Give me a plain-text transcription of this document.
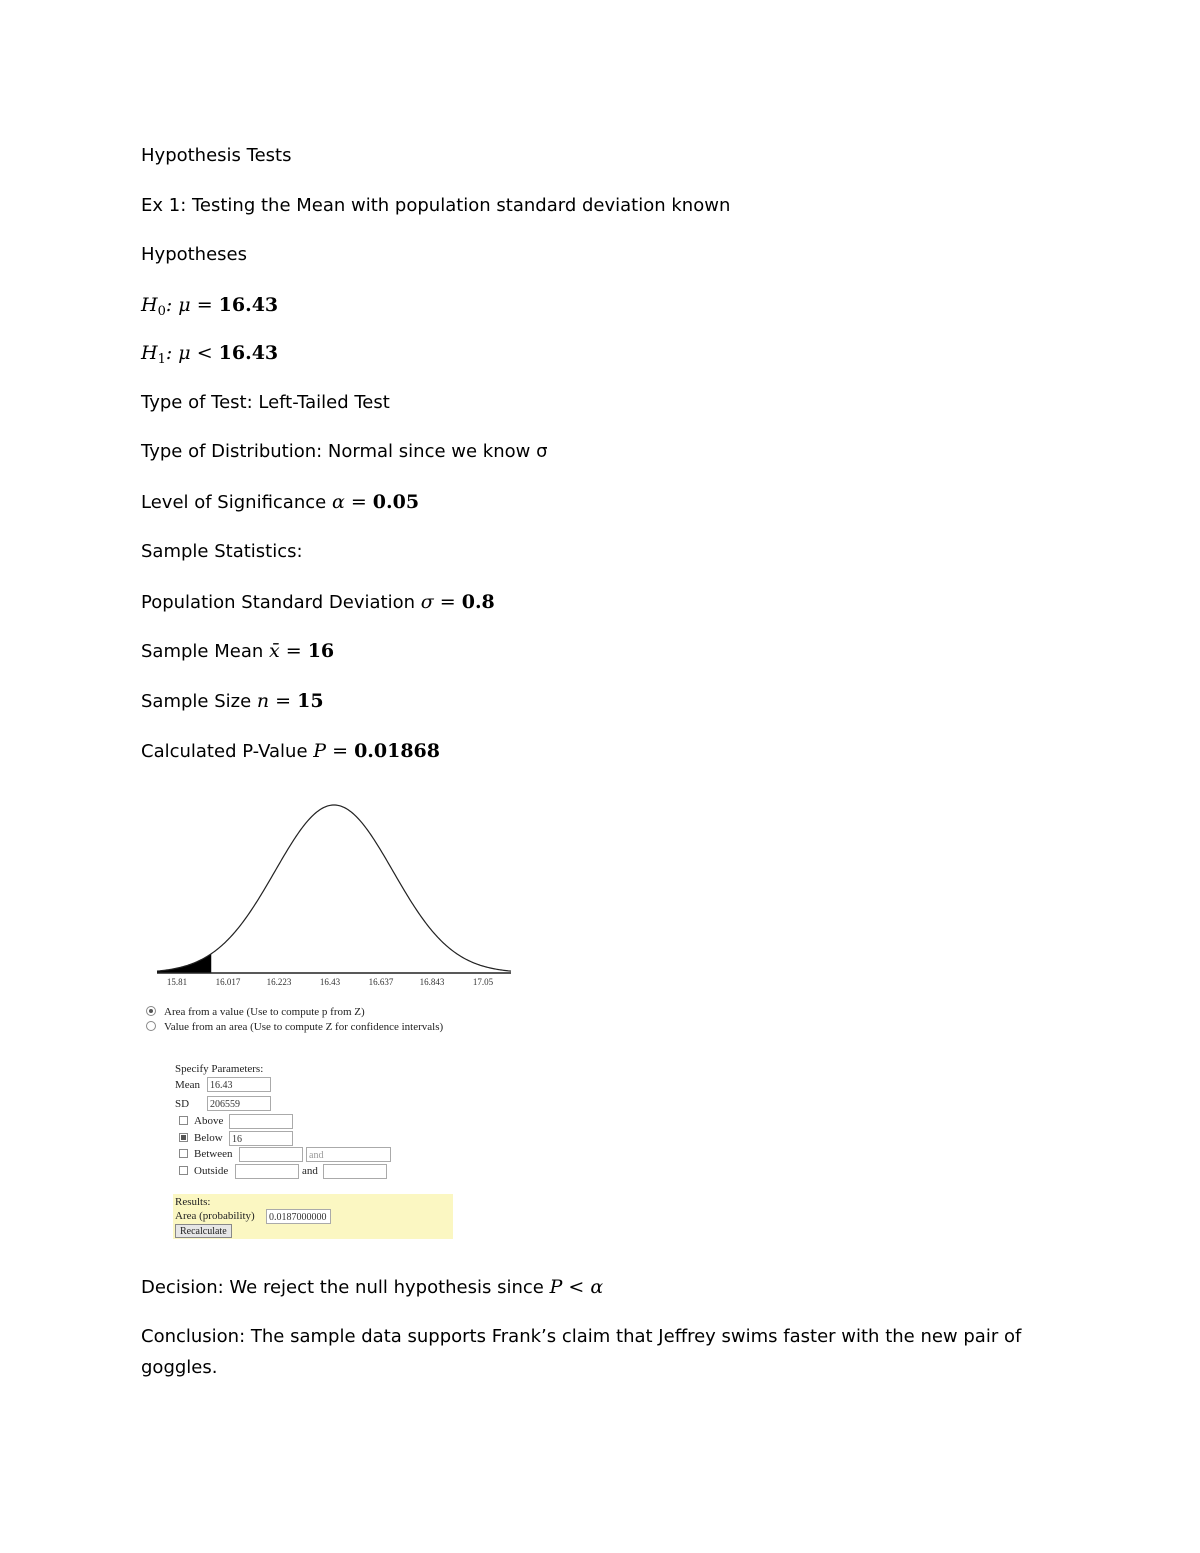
Hypothesis Tests
Ex 1: Testing the Mean with population standard deviation known
Hypotheses
$H_0$: μ = 16.43
$H_1$: μ < 16.43
Type of Test: Left-Tailed Test
Type of Distribution: Normal since we know σ
Level of Significance α = 0.05
Sample Statistics:
Population Standard Deviation σ = 0.8
Sample Mean x̄ = 16
Sample Size n = 15
Calculated P-Value P = 0.01868
15.81	16.017	16.223	16.43	16.637	16.843	17.05
Area from a value (Use to compute p from Z)
Value from an area (Use to compute Z for confidence intervals)
Specify Parameters:
Mean 16.43
SD	206559
Above
Below 16
Between	and
Outside	and
Results:
Area (probability)	0.0187000000
Recalculate
Decision: We reject the null hypothesis since P < α
Conclusion: The sample data supports Frank’s claim that Jeffrey swims faster with the new pair of
goggles.
